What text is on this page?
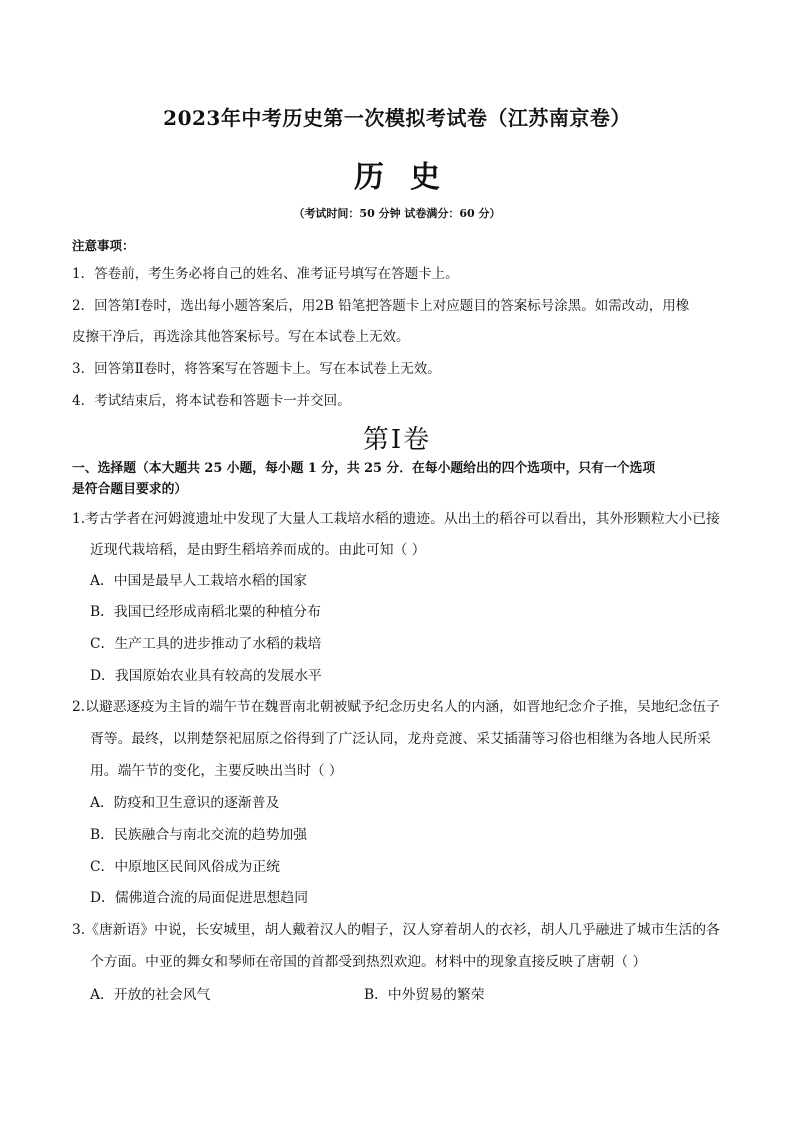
2023年中考历史第一次模拟考试卷（江苏南京卷）
历史
（考试时间：50 分钟 试卷满分：60 分）
注意事项：
1．答卷前，考生务必将自己的姓名、准考证号填写在答题卡上。
2．回答第Ⅰ卷时，选出每小题答案后，用2B 铅笔把答题卡上对应题目的答案标号涂黑。如需改动，用橡
皮擦干净后，再选涂其他答案标号。写在本试卷上无效。
3．回答第Ⅱ卷时，将答案写在答题卡上。写在本试卷上无效。
4．考试结束后，将本试卷和答题卡一并交回。
第Ⅰ卷
一、选择题（本大题共 25 小题，每小题 1 分，共 25 分．在每小题给出的四个选项中，只有一个选项
是符合题目要求的）
1.考古学者在河姆渡遗址中发现了大量人工栽培水稻的遗迹。从出土的稻谷可以看出，其外形颗粒大小已接
近现代栽培稻，是由野生稻培养而成的。由此可知（ ）
A．中国是最早人工栽培水稻的国家
B．我国已经形成南稻北粟的种植分布
C．生产工具的进步推动了水稻的栽培
D．我国原始农业具有较高的发展水平
2.以避恶逐疫为主旨的端午节在魏晋南北朝被赋予纪念历史名人的内涵，如晋地纪念介子推，吴地纪念伍子
胥等。最终，以荆楚祭祀屈原之俗得到了广泛认同，龙舟竞渡、采艾插蒲等习俗也相继为各地人民所采
用。端午节的变化，主要反映出当时（ ）
A．防疫和卫生意识的逐渐普及
B．民族融合与南北交流的趋势加强
C．中原地区民间风俗成为正统
D．儒佛道合流的局面促进思想趋同
3.《唐新语》中说，长安城里，胡人戴着汉人的帽子，汉人穿着胡人的衣衫，胡人几乎融进了城市生活的各
个方面。中亚的舞女和琴师在帝国的首都受到热烈欢迎。材料中的现象直接反映了唐朝（ ）
A．开放的社会风气	B．中外贸易的繁荣
